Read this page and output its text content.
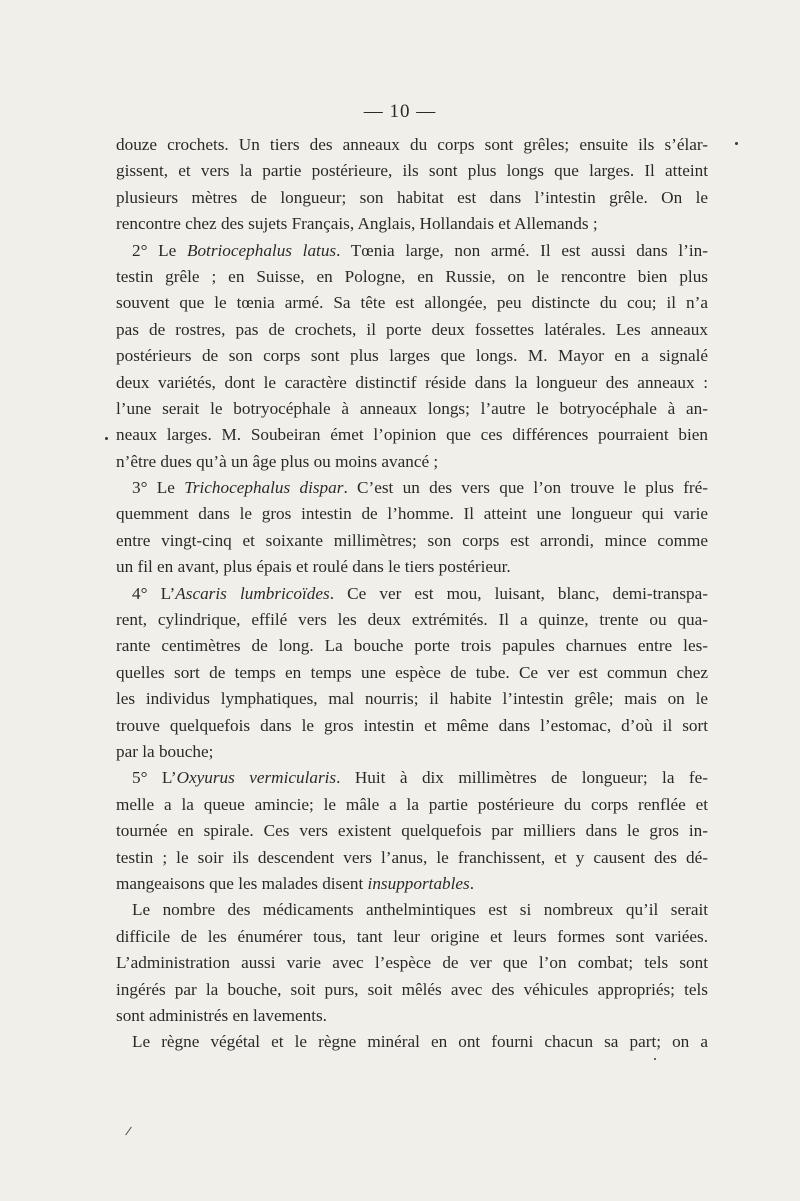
— 10 —
douze crochets. Un tiers des anneaux du corps sont grêles; ensuite ils s’élar-
gissent, et vers la partie postérieure, ils sont plus longs que larges. Il atteint
plusieurs mètres de longueur; son habitat est dans l’intestin grêle. On le
rencontre chez des sujets Français, Anglais, Hollandais et Allemands ;
2° Le Botriocephalus latus. Tœnia large, non armé. Il est aussi dans l’in-
testin grêle ; en Suisse, en Pologne, en Russie, on le rencontre bien plus
souvent que le tœnia armé. Sa tête est allongée, peu distincte du cou; il n’a
pas de rostres, pas de crochets, il porte deux fossettes latérales. Les anneaux
postérieurs de son corps sont plus larges que longs. M. Mayor en a signalé
deux variétés, dont le caractère distinctif réside dans la longueur des anneaux :
l’une serait le botryocéphale à anneaux longs; l’autre le botryocéphale à an-
neaux larges. M. Soubeiran émet l’opinion que ces différences pourraient bien
n’être dues qu’à un âge plus ou moins avancé ;
3° Le Trichocephalus dispar. C’est un des vers que l’on trouve le plus fré-
quemment dans le gros intestin de l’homme. Il atteint une longueur qui varie
entre vingt-cinq et soixante millimètres; son corps est arrondi, mince comme
un fil en avant, plus épais et roulé dans le tiers postérieur.
4° L’Ascaris lumbricoïdes. Ce ver est mou, luisant, blanc, demi-transpa-
rent, cylindrique, effilé vers les deux extrémités. Il a quinze, trente ou qua-
rante centimètres de long. La bouche porte trois papules charnues entre les-
quelles sort de temps en temps une espèce de tube. Ce ver est commun chez
les individus lymphatiques, mal nourris; il habite l’intestin grêle; mais on le
trouve quelquefois dans le gros intestin et même dans l’estomac, d’où il sort
par la bouche;
5° L’Oxyurus vermicularis. Huit à dix millimètres de longueur; la fe-
melle a la queue amincie; le mâle a la partie postérieure du corps renflée et
tournée en spirale. Ces vers existent quelquefois par milliers dans le gros in-
testin ; le soir ils descendent vers l’anus, le franchissent, et y causent des dé-
mangeaisons que les malades disent insupportables.
Le nombre des médicaments anthelmintiques est si nombreux qu’il serait
difficile de les énumérer tous, tant leur origine et leurs formes sont variées.
L’administration aussi varie avec l’espèce de ver que l’on combat; tels sont
ingérés par la bouche, soit purs, soit mêlés avec des véhicules appropriés; tels
sont administrés en lavements.
Le règne végétal et le règne minéral en ont fourni chacun sa part; on a
